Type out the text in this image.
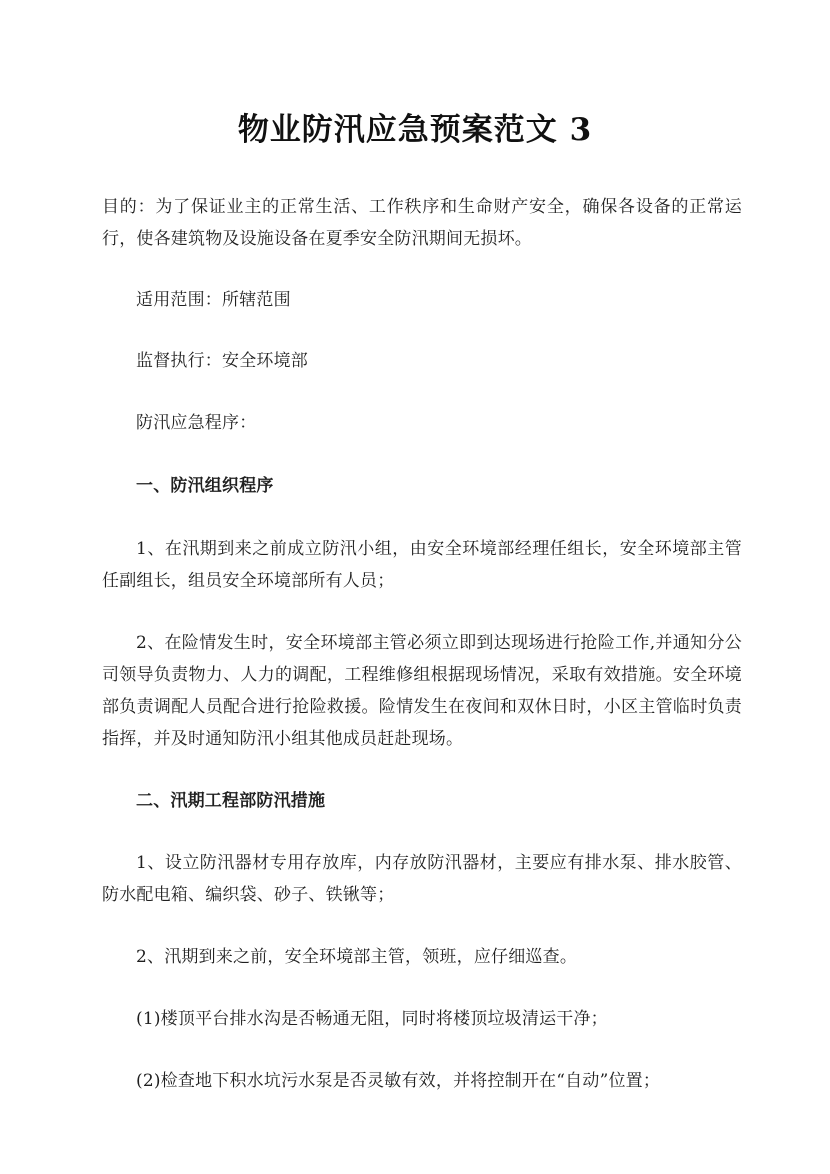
物业防汛应急预案范文 3

目的：为了保证业主的正常生活、工作秩序和生命财产安全，确保各设备的正常运行，使各建筑物及设施设备在夏季安全防汛期间无损坏。

适用范围：所辖范围

监督执行：安全环境部

防汛应急程序：

一、防汛组织程序

1、在汛期到来之前成立防汛小组，由安全环境部经理任组长，安全环境部主管任副组长，组员安全环境部所有人员；

2、在险情发生时，安全环境部主管必须立即到达现场进行抢险工作,并通知分公司领导负责物力、人力的调配，工程维修组根据现场情况，采取有效措施。安全环境部负责调配人员配合进行抢险救援。险情发生在夜间和双休日时，小区主管临时负责指挥，并及时通知防汛小组其他成员赶赴现场。

二、汛期工程部防汛措施

1、设立防汛器材专用存放库，内存放防汛器材，主要应有排水泵、排水胶管、防水配电箱、编织袋、砂子、铁锹等；

2、汛期到来之前，安全环境部主管，领班，应仔细巡查。

(1)楼顶平台排水沟是否畅通无阻，同时将楼顶垃圾清运干净；

(2)检查地下积水坑污水泵是否灵敏有效，并将控制开在“自动”位置；
